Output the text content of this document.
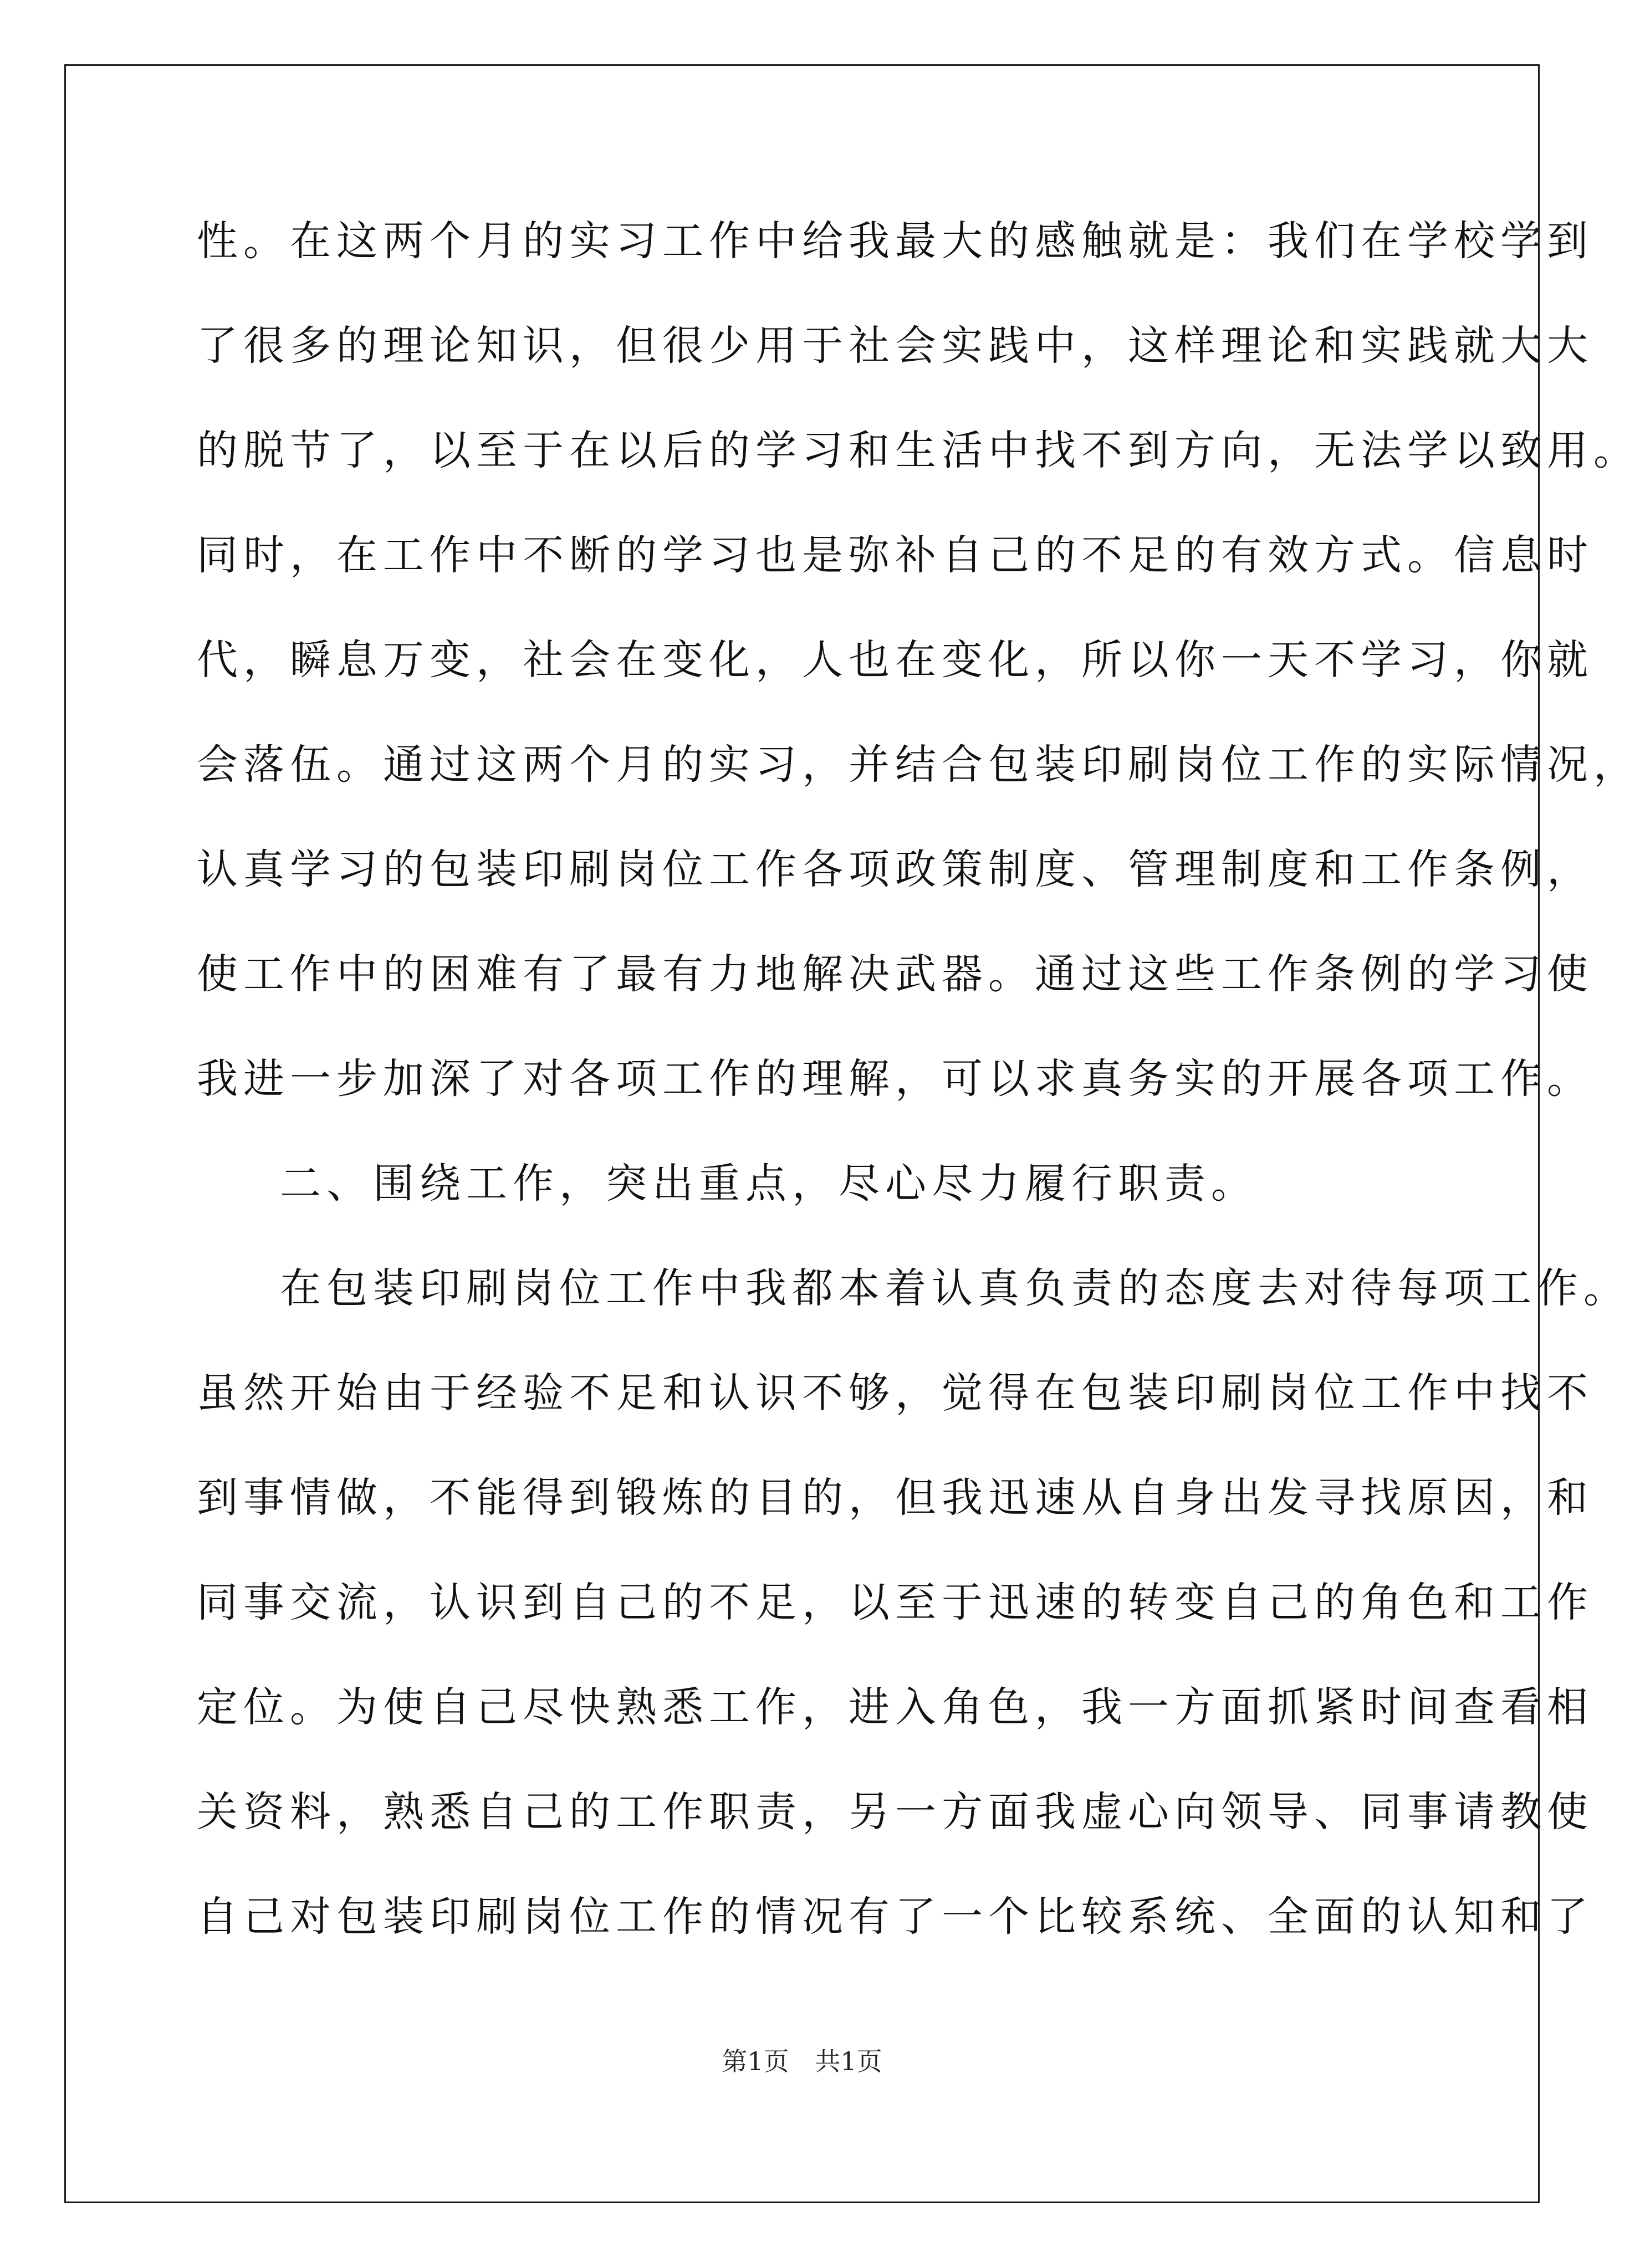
性。在这两个月的实习工作中给我最大的感触就是：我们在学校学到
了很多的理论知识，但很少用于社会实践中，这样理论和实践就大大
的脱节了，以至于在以后的学习和生活中找不到方向，无法学以致用。
同时，在工作中不断的学习也是弥补自己的不足的有效方式。信息时
代，瞬息万变，社会在变化，人也在变化，所以你一天不学习，你就
会落伍。通过这两个月的实习，并结合包装印刷岗位工作的实际情况，
认真学习的包装印刷岗位工作各项政策制度、管理制度和工作条例，
使工作中的困难有了最有力地解决武器。通过这些工作条例的学习使
我进一步加深了对各项工作的理解，可以求真务实的开展各项工作。
二、围绕工作，突出重点，尽心尽力履行职责。
在包装印刷岗位工作中我都本着认真负责的态度去对待每项工作。
虽然开始由于经验不足和认识不够，觉得在包装印刷岗位工作中找不
到事情做，不能得到锻炼的目的，但我迅速从自身出发寻找原因，和
同事交流，认识到自己的不足，以至于迅速的转变自己的角色和工作
定位。为使自己尽快熟悉工作，进入角色，我一方面抓紧时间查看相
关资料，熟悉自己的工作职责，另一方面我虚心向领导、同事请教使
自己对包装印刷岗位工作的情况有了一个比较系统、全面的认知和了
第1页 共1页
